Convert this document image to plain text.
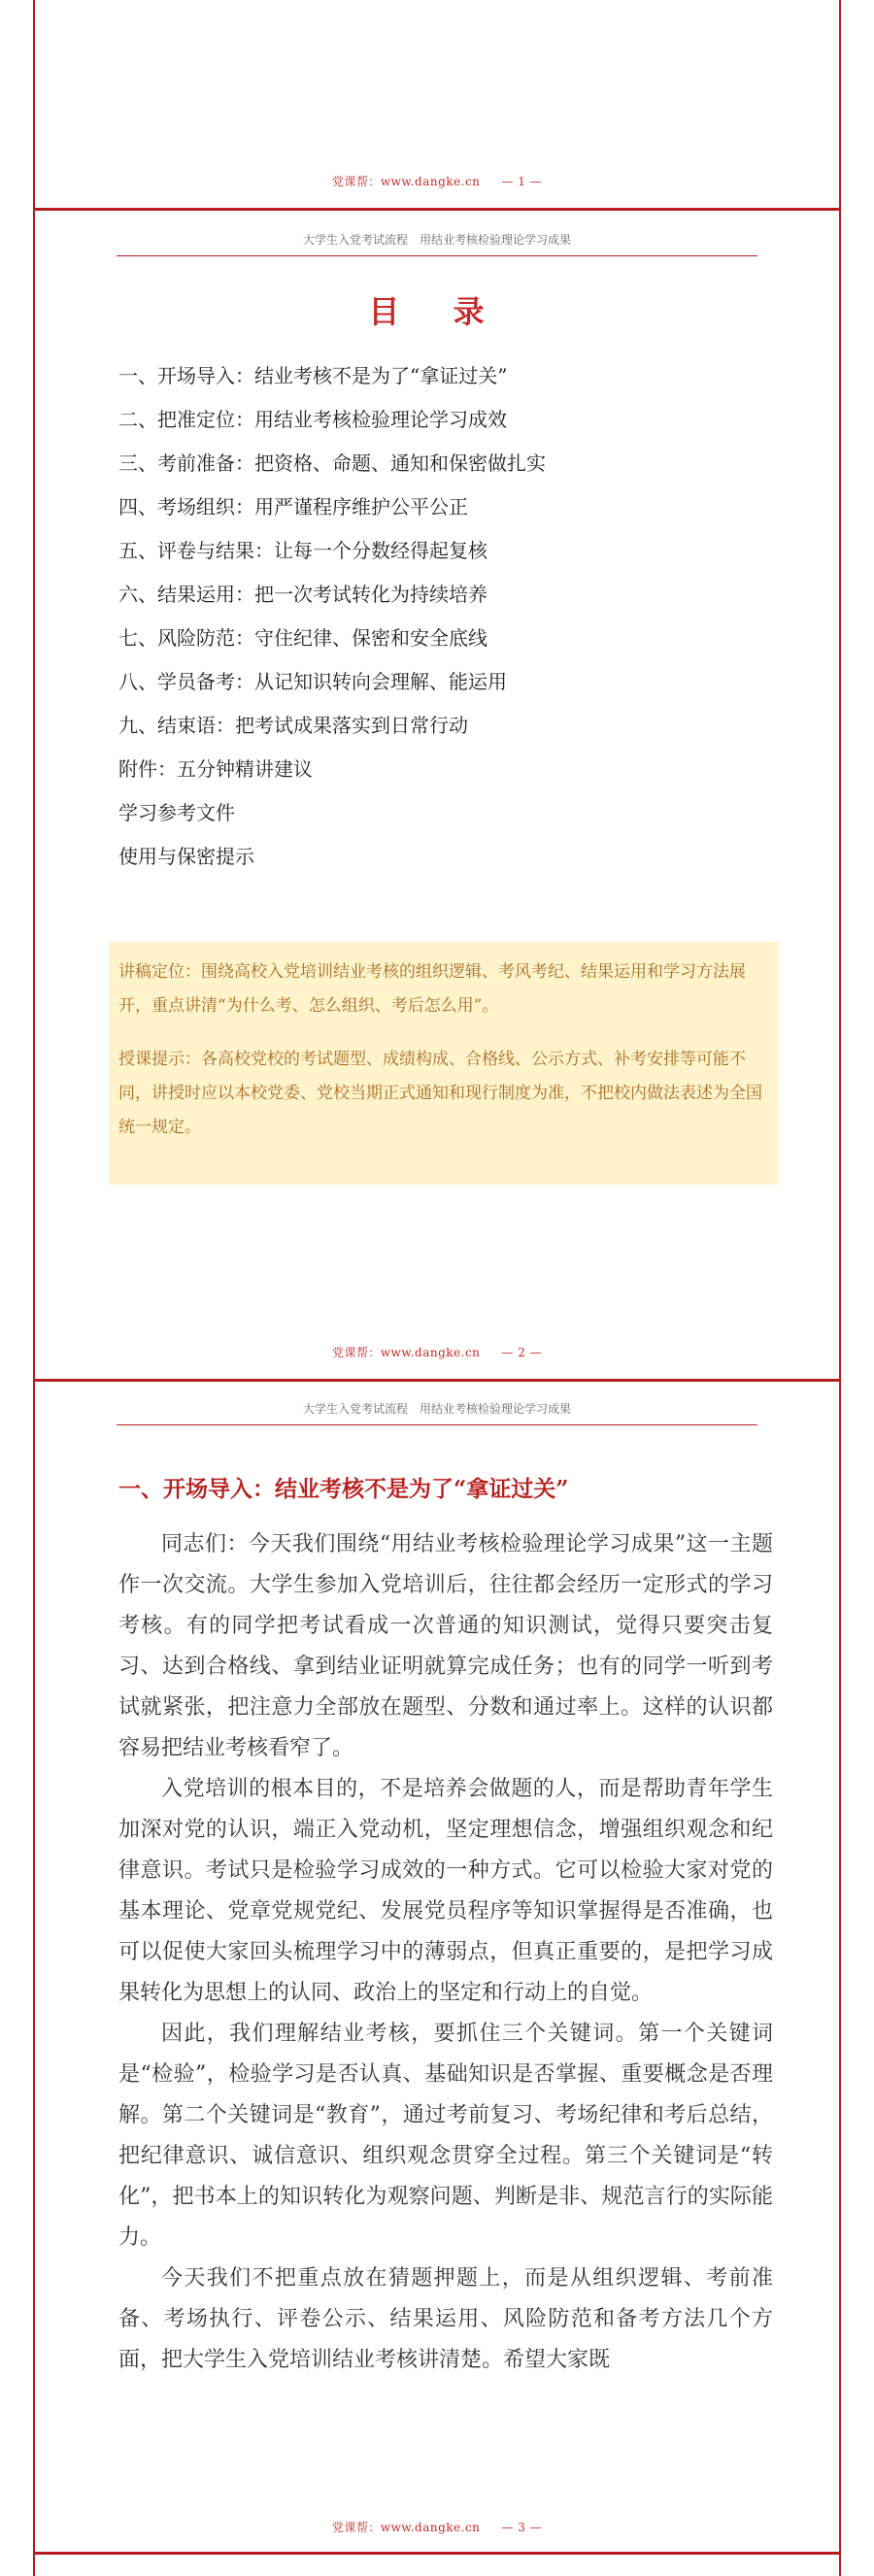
党课帮：www.dangke.cn — 1 —
大学生入党考试流程　用结业考核检验理论学习成果
目 录
一、开场导入：结业考核不是为了“拿证过关”
二、把准定位：用结业考核检验理论学习成效
三、考前准备：把资格、命题、通知和保密做扎实
四、考场组织：用严谨程序维护公平公正
五、评卷与结果：让每一个分数经得起复核
六、结果运用：把一次考试转化为持续培养
七、风险防范：守住纪律、保密和安全底线
八、学员备考：从记知识转向会理解、能运用
九、结束语：把考试成果落实到日常行动
附件：五分钟精讲建议
学习参考文件
使用与保密提示

讲稿定位：围绕高校入党培训结业考核的组织逻辑、考风考纪、结果运用和学习方法展开，重点讲清“为什么考、怎么组织、考后怎么用”。

授课提示：各高校党校的考试题型、成绩构成、合格线、公示方式、补考安排等可能不同，讲授时应以本校党委、党校当期正式通知和现行制度为准，不把校内做法表述为全国统一规定。

党课帮：www.dangke.cn — 2 —
大学生入党考试流程　用结业考核检验理论学习成果
一、开场导入：结业考核不是为了“拿证过关”

同志们：今天我们围绕“用结业考核检验理论学习成果”这一主题作一次交流。大学生参加入党培训后，往往都会经历一定形式的学习考核。有的同学把考试看成一次普通的知识测试，觉得只要突击复习、达到合格线、拿到结业证明就算完成任务；也有的同学一听到考试就紧张，把注意力全部放在题型、分数和通过率上。这样的认识都容易把结业考核看窄了。

入党培训的根本目的，不是培养会做题的人，而是帮助青年学生加深对党的认识，端正入党动机，坚定理想信念，增强组织观念和纪律意识。考试只是检验学习成效的一种方式。它可以检验大家对党的基本理论、党章党规党纪、发展党员程序等知识掌握得是否准确，也可以促使大家回头梳理学习中的薄弱点，但真正重要的，是把学习成果转化为思想上的认同、政治上的坚定和行动上的自觉。

因此，我们理解结业考核，要抓住三个关键词。第一个关键词是“检验”，检验学习是否认真、基础知识是否掌握、重要概念是否理解。第二个关键词是“教育”，通过考前复习、考场纪律和考后总结，把纪律意识、诚信意识、组织观念贯穿全过程。第三个关键词是“转化”，把书本上的知识转化为观察问题、判断是非、规范言行的实际能力。

今天我们不把重点放在猜题押题上，而是从组织逻辑、考前准备、考场执行、评卷公示、结果运用、风险防范和备考方法几个方面，把大学生入党培训结业考核讲清楚。希望大家既

党课帮：www.dangke.cn — 3 —
